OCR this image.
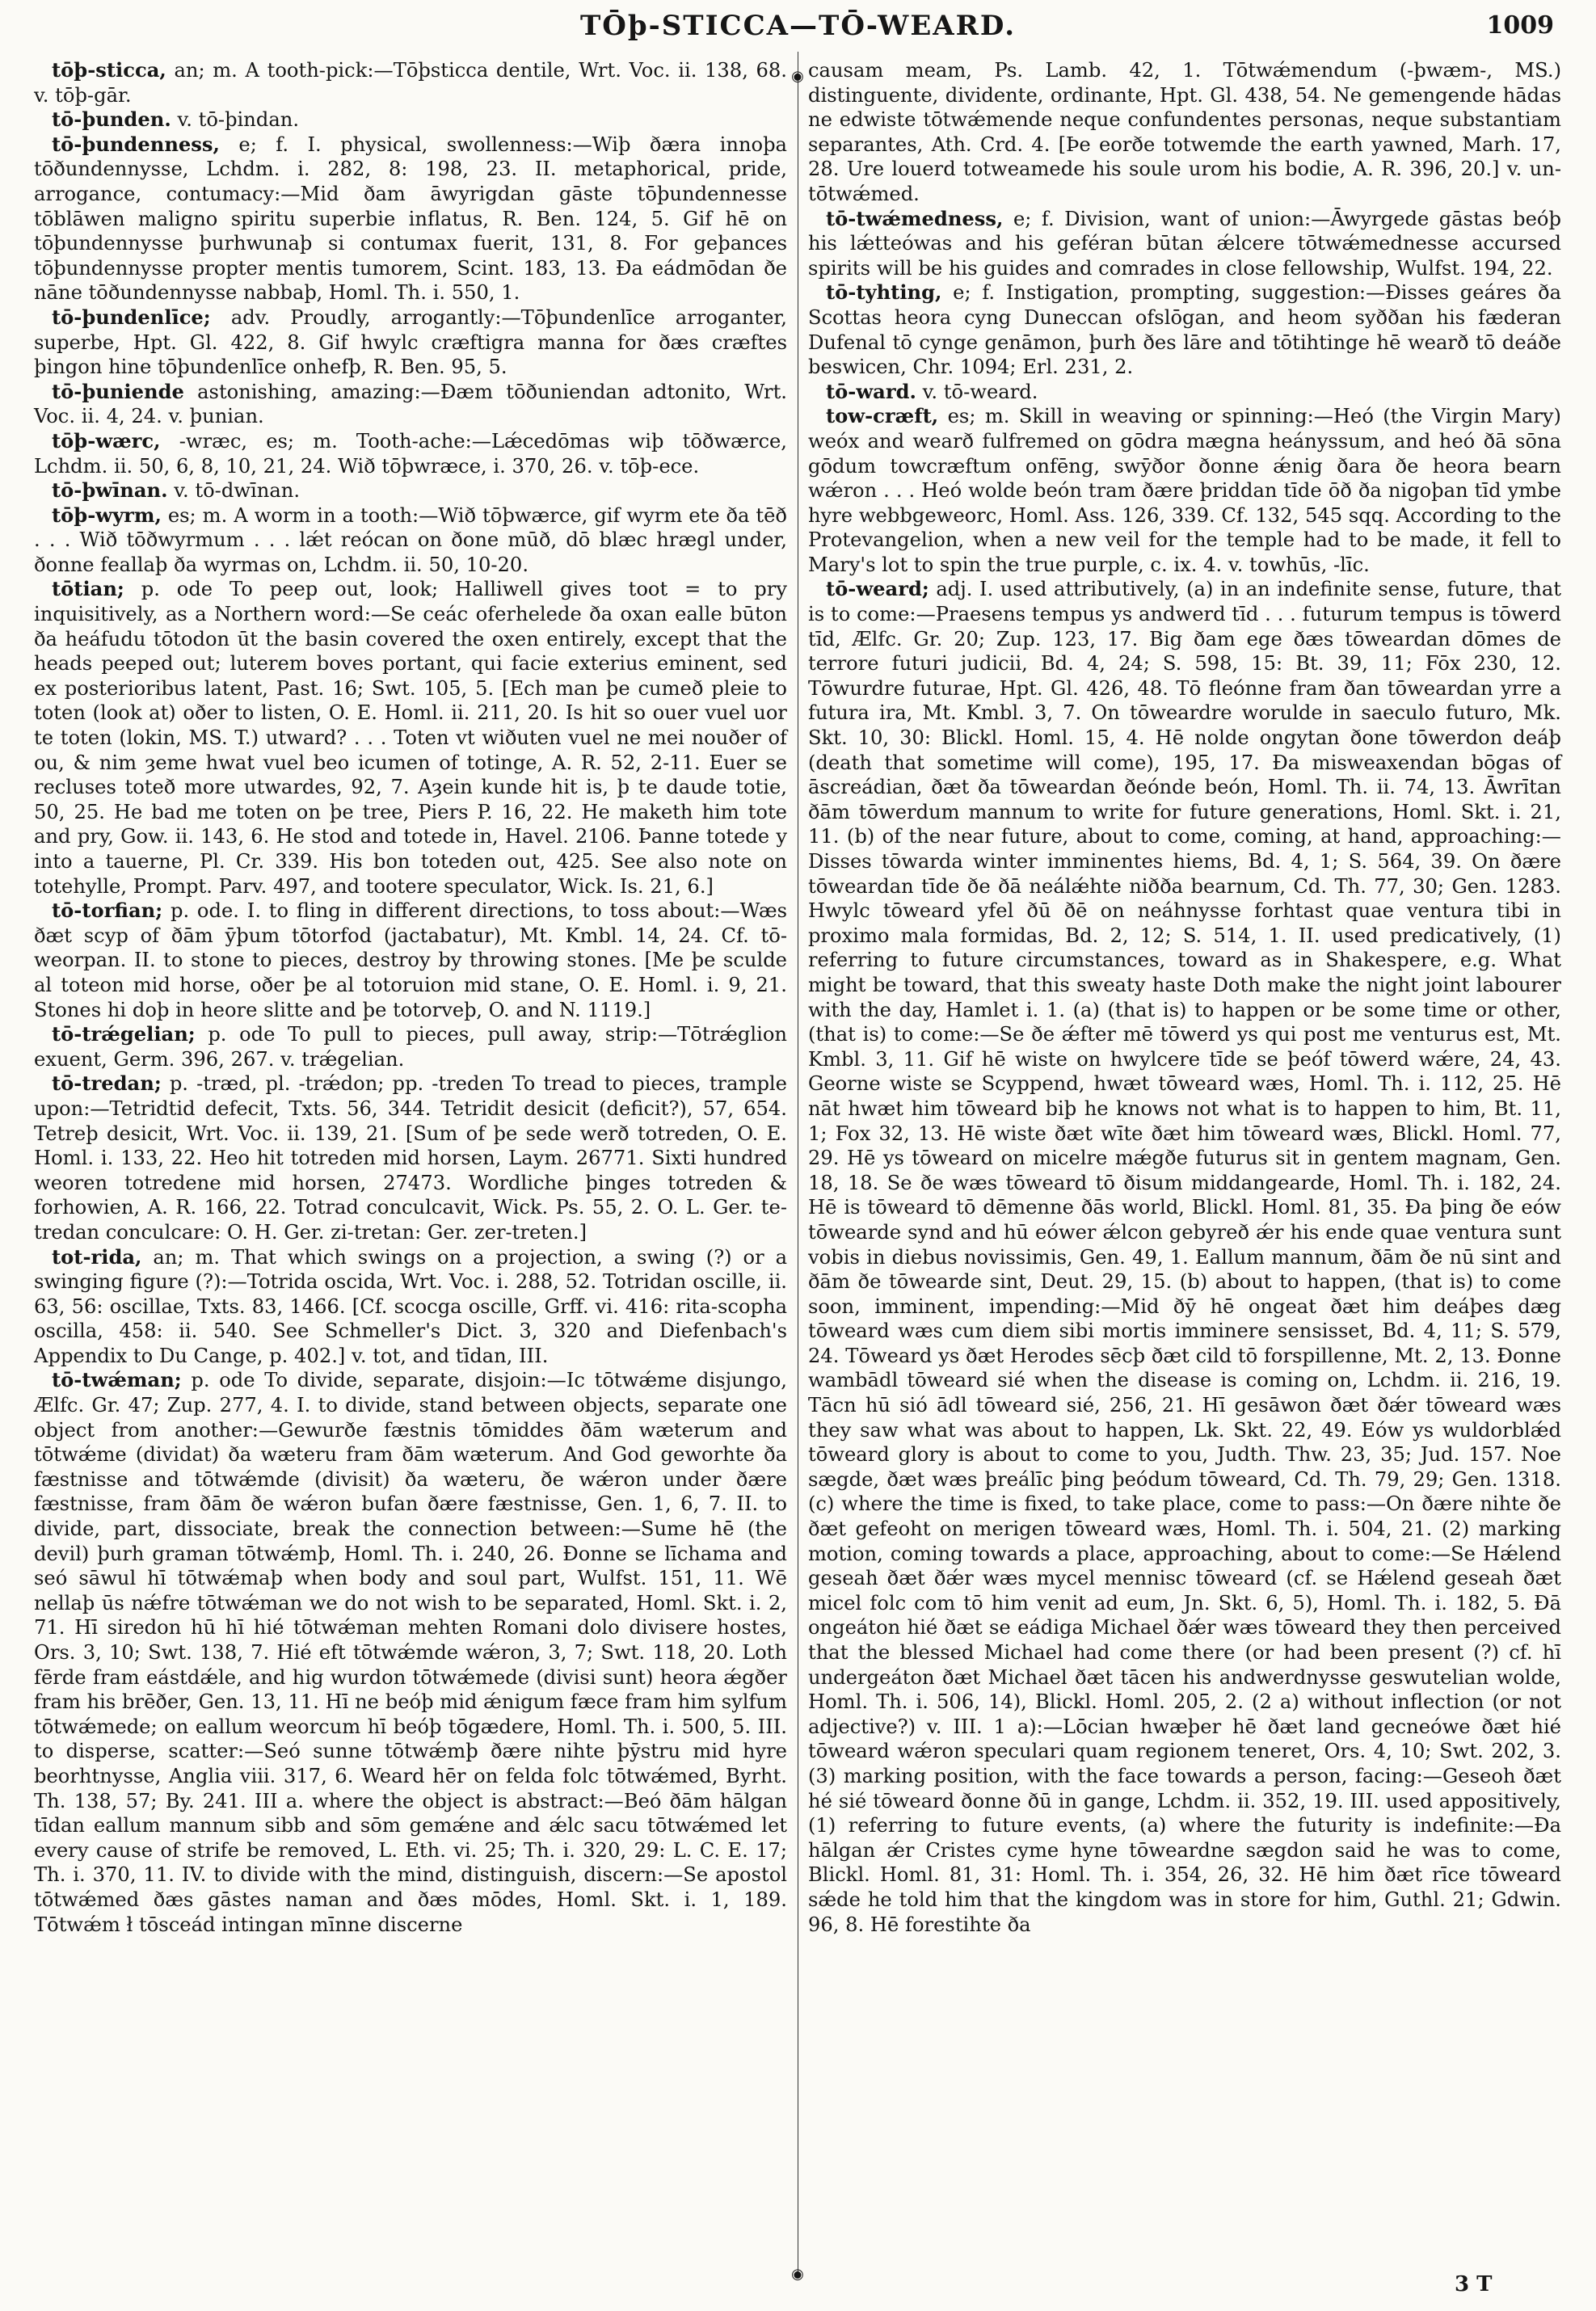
TŌþ-STICCA—TŌ-WEARD.	1009
◉
◉

tōþ-sticca, an; m. A tooth-pick:—Tōþsticca dentile, Wrt. Voc. ii. 138, 68. v. tōþ-gār.

tō-þunden. v. tō-þindan.

tō-þundenness, e; f. I. physical, swollenness:—Wiþ ðæra innoþa tōðundennysse, Lchdm. i. 282, 8: 198, 23. II. metaphorical, pride, arrogance, contumacy:—Mid ðam āwyrigdan gāste tōþundennesse tōblāwen maligno spiritu superbie inflatus, R. Ben. 124, 5. Gif hē on tōþundennysse þurhwunaþ si contumax fuerit, 131, 8. For geþances tōþundennysse propter mentis tumorem, Scint. 183, 13. Ða eádmōdan ðe nāne tōðundennysse nabbaþ, Homl. Th. i. 550, 1.

tō-þundenlīce; adv. Proudly, arrogantly:—Tōþundenlīce arroganter, superbe, Hpt. Gl. 422, 8. Gif hwylc cræftigra manna for ðæs cræftes þingon hine tōþundenlīce onhefþ, R. Ben. 95, 5.

tō-þuniende astonishing, amazing:—Ðæm tōðuniendan adtonito, Wrt. Voc. ii. 4, 24. v. þunian.

tōþ-wærc, -wræc, es; m. Tooth-ache:—Lǽcedōmas wiþ tōðwærce, Lchdm. ii. 50, 6, 8, 10, 21, 24. Wið tōþwræce, i. 370, 26. v. tōþ-ece.

tō-þwīnan. v. tō-dwīnan.

tōþ-wyrm, es; m. A worm in a tooth:—Wið tōþwærce, gif wyrm ete ða tēð . . . Wið tōðwyrmum . . . lǽt reócan on ðone mūð, dō blæc hrægl under, ðonne feallaþ ða wyrmas on, Lchdm. ii. 50, 10-20.

tōtian; p. ode To peep out, look; Halliwell gives toot = to pry inquisitively, as a Northern word:—Se ceác oferhelede ða oxan ealle būton ða heáfudu tōtodon ūt the basin covered the oxen entirely, except that the heads peeped out; luterem boves portant, qui facie exterius eminent, sed ex posterioribus latent, Past. 16; Swt. 105, 5. [Ech man þe cumeð pleie to toten (look at) oðer to listen, O. E. Homl. ii. 211, 20. Is hit so ouer vuel uor te toten (lokin, MS. T.) utward? . . . Toten vt wiðuten vuel ne mei nouðer of ou, & nim ȝeme hwat vuel beo icumen of totinge, A. R. 52, 2-11. Euer se recluses toteð more utwardes, 92, 7. Aȝein kunde hit is, þ te daude totie, 50, 25. He bad me toten on þe tree, Piers P. 16, 22. He maketh him tote and pry, Gow. ii. 143, 6. He stod and totede in, Havel. 2106. Þanne totede y into a tauerne, Pl. Cr. 339. His bon toteden out, 425. See also note on totehylle, Prompt. Parv. 497, and tootere speculator, Wick. Is. 21, 6.]

tō-torfian; p. ode. I. to fling in different directions, to toss about:—Wæs ðæt scyp of ðām ȳþum tōtorfod (jactabatur), Mt. Kmbl. 14, 24. Cf. tō-weorpan. II. to stone to pieces, destroy by throwing stones. [Me þe sculde al toteon mid horse, oðer þe al totoruion mid stane, O. E. Homl. i. 9, 21. Stones hi doþ in heore slitte and þe totorveþ, O. and N. 1119.]

tō-trǽgelian; p. ode To pull to pieces, pull away, strip:—Tōtrǽglion exuent, Germ. 396, 267. v. trǽgelian.

tō-tredan; p. -træd, pl. -trǽdon; pp. -treden To tread to pieces, trample upon:—Tetridtid defecit, Txts. 56, 344. Tetridit desicit (deficit?), 57, 654. Tetreþ desicit, Wrt. Voc. ii. 139, 21. [Sum of þe sede werð totreden, O. E. Homl. i. 133, 22. Heo hit totreden mid horsen, Laym. 26771. Sixti hundred weoren totredene mid horsen, 27473. Wordliche þinges totreden & forhowien, A. R. 166, 22. Totrad conculcavit, Wick. Ps. 55, 2. O. L. Ger. te-tredan conculcare: O. H. Ger. zi-tretan: Ger. zer-treten.]

tot-rida, an; m. That which swings on a projection, a swing (?) or a swinging figure (?):—Totrida oscida, Wrt. Voc. i. 288, 52. Totridan oscille, ii. 63, 56: oscillae, Txts. 83, 1466. [Cf. scocga oscille, Grff. vi. 416: rita-scopha oscilla, 458: ii. 540. See Schmeller's Dict. 3, 320 and Diefenbach's Appendix to Du Cange, p. 402.] v. tot, and tīdan, III.

tō-twǽman; p. ode To divide, separate, disjoin:—Ic tōtwǽme disjungo, Ælfc. Gr. 47; Zup. 277, 4. I. to divide, stand between objects, separate one object from another:—Gewurðe fæstnis tōmiddes ðām wæterum and tōtwǽme (dividat) ða wæteru fram ðām wæterum. And God geworhte ða fæstnisse and tōtwǽmde (divisit) ða wæteru, ðe wǽron under ðære fæstnisse, fram ðām ðe wǽron bufan ðære fæstnisse, Gen. 1, 6, 7. II. to divide, part, dissociate, break the connection between:—Sume hē (the devil) þurh graman tōtwǽmþ, Homl. Th. i. 240, 26. Ðonne se līchama and seó sāwul hī tōtwǽmaþ when body and soul part, Wulfst. 151, 11. Wē nellaþ ūs nǽfre tōtwǽman we do not wish to be separated, Homl. Skt. i. 2, 71. Hī siredon hū hī hié tōtwǽman mehten Romani dolo divisere hostes, Ors. 3, 10; Swt. 138, 7. Hié eft tōtwǽmde wǽron, 3, 7; Swt. 118, 20. Loth fērde fram eástdǽle, and hig wurdon tōtwǽmede (divisi sunt) heora ǽgðer fram his brēðer, Gen. 13, 11. Hī ne beóþ mid ǽnigum fæce fram him sylfum tōtwǽmede; on eallum weorcum hī beóþ tōgædere, Homl. Th. i. 500, 5. III. to disperse, scatter:—Seó sunne tōtwǽmþ ðære nihte þȳstru mid hyre beorhtnysse, Anglia viii. 317, 6. Weard hēr on felda folc tōtwǽmed, Byrht. Th. 138, 57; By. 241. III a. where the object is abstract:—Beó ðām hālgan tīdan eallum mannum sibb and sōm gemǽne and ǽlc sacu tōtwǽmed let every cause of strife be removed, L. Eth. vi. 25; Th. i. 320, 29: L. C. E. 17; Th. i. 370, 11. IV. to divide with the mind, distinguish, discern:—Se apostol tōtwǽmed ðæs gāstes naman and ðæs mōdes, Homl. Skt. i. 1, 189. Tōtwǽm ł tōsceád intingan mīnne discerne

causam meam, Ps. Lamb. 42, 1. Tōtwǽmendum (-þwæm-, MS.) distinguente, dividente, ordinante, Hpt. Gl. 438, 54. Ne gemengende hādas ne edwiste tōtwǽmende neque confundentes personas, neque substantiam separantes, Ath. Crd. 4. [Þe eorðe totwemde the earth yawned, Marh. 17, 28. Ure louerd totweamede his soule urom his bodie, A. R. 396, 20.] v. un-tōtwǽmed.

tō-twǽmedness, e; f. Division, want of union:—Āwyrgede gāstas beóþ his lǽtteówas and his geféran būtan ǽlcere tōtwǽmednesse accursed spirits will be his guides and comrades in close fellowship, Wulfst. 194, 22.

tō-tyhting, e; f. Instigation, prompting, suggestion:—Ðisses geáres ða Scottas heora cyng Duneccan ofslōgan, and heom syððan his fæderan Dufenal tō cynge genāmon, þurh ðes lāre and tōtihtinge hē wearð tō deáðe beswicen, Chr. 1094; Erl. 231, 2.

tō-ward. v. tō-weard.

tow-cræft, es; m. Skill in weaving or spinning:—Heó (the Virgin Mary) weóx and wearð fulfremed on gōdra mægna heányssum, and heó ðā sōna gōdum towcræftum onfēng, swȳðor ðonne ǽnig ðara ðe heora bearn wǽron . . . Heó wolde beón tram ðære þriddan tīde ōð ða nigoþan tīd ymbe hyre webbgeweorc, Homl. Ass. 126, 339. Cf. 132, 545 sqq. According to the Protevangelion, when a new veil for the temple had to be made, it fell to Mary's lot to spin the true purple, c. ix. 4. v. towhūs, -līc.

tō-weard; adj. I. used attributively, (a) in an indefinite sense, future, that is to come:—Praesens tempus ys andwerd tīd . . . futurum tempus is tōwerd tīd, Ælfc. Gr. 20; Zup. 123, 17. Big ðam ege ðæs tōweardan dōmes de terrore futuri judicii, Bd. 4, 24; S. 598, 15: Bt. 39, 11; Fōx 230, 12. Tōwurdre futurae, Hpt. Gl. 426, 48. Tō fleónne fram ðan tōweardan yrre a futura ira, Mt. Kmbl. 3, 7. On tōweardre woruldе in saeculo futuro, Mk. Skt. 10, 30: Blickl. Homl. 15, 4. Hē nolde ongytan ðone tōwerdon deáþ (death that sometime will come), 195, 17. Ða misweaxendan bōgas of āscreádian, ðæt ða tōweardan ðeónde beón, Homl. Th. ii. 74, 13. Āwrītan ðām tōwerdum mannum to write for future generations, Homl. Skt. i. 21, 11. (b) of the near future, about to come, coming, at hand, approaching:—Disses tōwarda winter imminentes hiems, Bd. 4, 1; S. 564, 39. On ðære tōweardan tīde ðe ðā neálǽhte niðða bearnum, Cd. Th. 77, 30; Gen. 1283. Hwylc tōweard yfel ðū ðē on neáhnysse forhtast quae ventura tibi in proximo mala formidas, Bd. 2, 12; S. 514, 1. II. used predicatively, (1) referring to future circumstances, toward as in Shakespere, e.g. What might be toward, that this sweaty haste Doth make the night joint labourer with the day, Hamlet i. 1. (a) (that is) to happen or be some time or other, (that is) to come:—Se ðe ǽfter mē tōwerd ys qui post me venturus est, Mt. Kmbl. 3, 11. Gif hē wiste on hwylcere tīde se þeóf tōwerd wǽre, 24, 43. Georne wiste se Scyppend, hwæt tōweard wæs, Homl. Th. i. 112, 25. Hē nāt hwæt him tōweard biþ he knows not what is to happen to him, Bt. 11, 1; Fox 32, 13. Hē wiste ðæt wīte ðæt him tōweard wæs, Blickl. Homl. 77, 29. Hē ys tōweard on micelre mǽgðe futurus sit in gentem magnam, Gen. 18, 18. Se ðe wæs tōweard tō ðisum middangearde, Homl. Th. i. 182, 24. Hē is tōweard tō dēmenne ðās world, Blickl. Homl. 81, 35. Ða þing ðe eów tōwearde synd and hū eówer ǽlcon gebyreð ǽr his ende quae ventura sunt vobis in diebus novissimis, Gen. 49, 1. Eallum mannum, ðām ðe nū sint and ðām ðe tōwearde sint, Deut. 29, 15. (b) about to happen, (that is) to come soon, imminent, impending:—Mid ðȳ hē ongeat ðæt him deáþes dæg tōweard wæs cum diem sibi mortis imminere sensisset, Bd. 4, 11; S. 579, 24. Tōweard ys ðæt Herodes sēcþ ðæt cild tō forspillenne, Mt. 2, 13. Ðonne wambādl tōweard sié when the disease is coming on, Lchdm. ii. 216, 19. Tācn hū sió ādl tōweard sié, 256, 21. Hī gesāwon ðæt ðǽr tōweard wæs they saw what was about to happen, Lk. Skt. 22, 49. Eów ys wuldorblǽd tōweard glory is about to come to you, Judth. Thw. 23, 35; Jud. 157. Noe sægde, ðæt wæs þreálīc þing þeódum tōweard, Cd. Th. 79, 29; Gen. 1318. (c) where the time is fixed, to take place, come to pass:—On ðære nihte ðe ðæt gefeoht on merigen tōweard wæs, Homl. Th. i. 504, 21. (2) marking motion, coming towards a place, approaching, about to come:—Se Hǽlend geseah ðæt ðǽr wæs mycel mennisc tōweard (cf. se Hǽlend geseah ðæt micel folc com tō him venit ad eum, Jn. Skt. 6, 5), Homl. Th. i. 182, 5. Ðā ongeáton hié ðæt se eádiga Michael ðǽr wæs tōweard they then perceived that the blessed Michael had come there (or had been present (?) cf. hī undergeáton ðæt Michael ðæt tācen his andwerdnysse geswutelian wolde, Homl. Th. i. 506, 14), Blickl. Homl. 205, 2. (2 a) without inflection (or not adjective?) v. III. 1 a):—Lōcian hwæþer hē ðæt land gecneówe ðæt hié tōweard wǽron speculari quam regionem teneret, Ors. 4, 10; Swt. 202, 3. (3) marking position, with the face towards a person, facing:—Geseoh ðæt hé sié tōweard ðonne ðū in gange, Lchdm. ii. 352, 19. III. used appositively, (1) referring to future events, (a) where the futurity is indefinite:—Ða hālgan ǽr Cristes cyme hyne tōweardne sægdon said he was to come, Blickl. Homl. 81, 31: Homl. Th. i. 354, 26, 32. Hē him ðæt rīce tōweard sǽde he told him that the kingdom was in store for him, Guthl. 21; Gdwin. 96, 8. Hē forestihte ða

3 T
